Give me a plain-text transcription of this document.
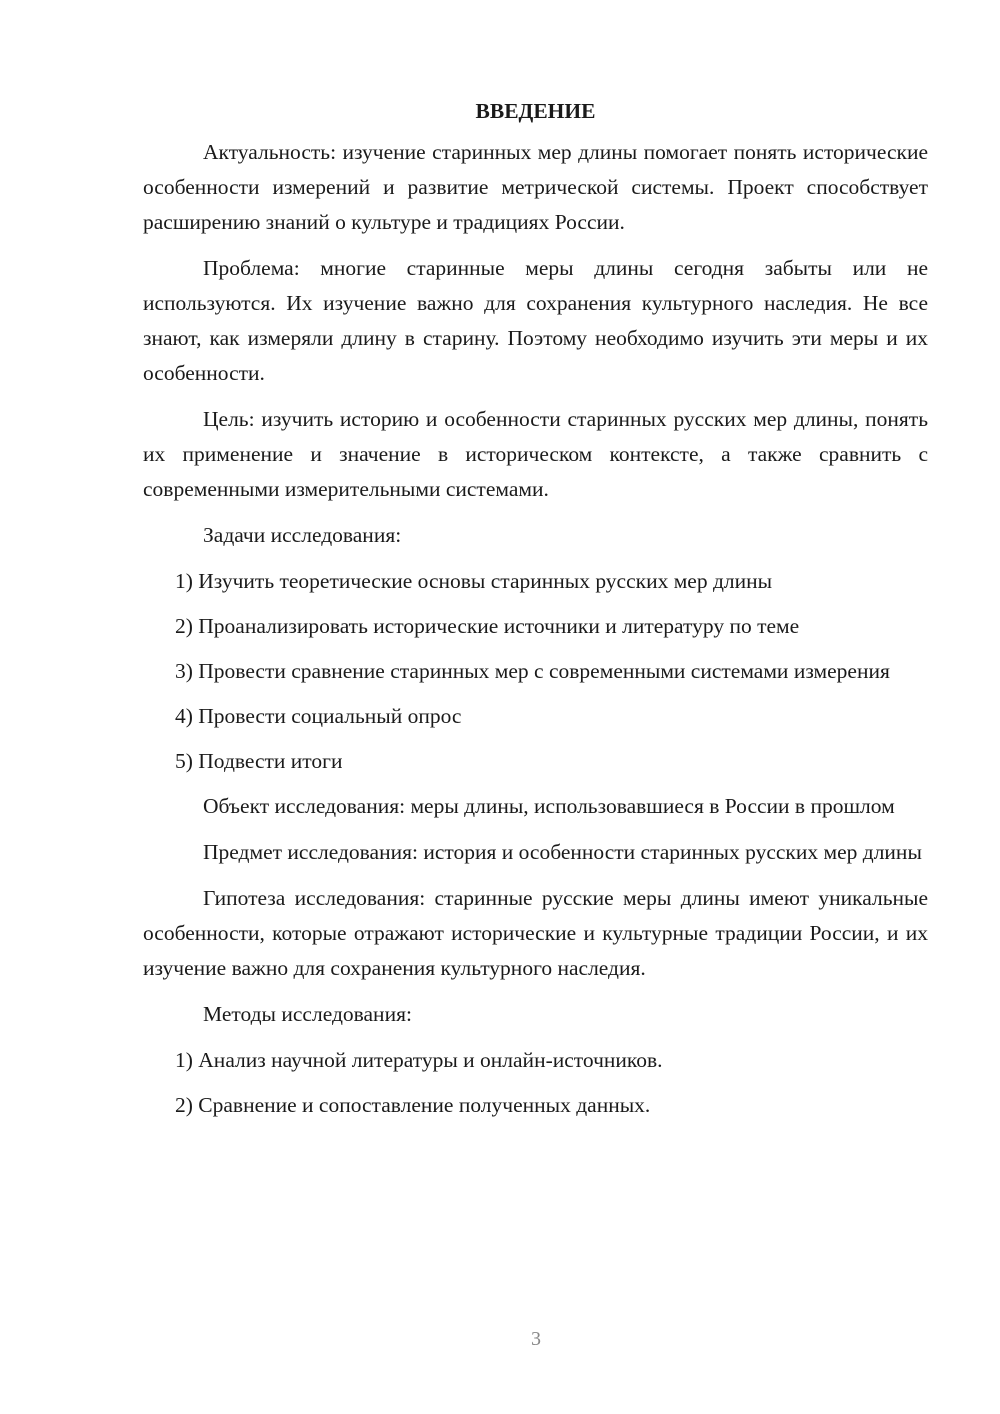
ВВЕДЕНИЕ

Актуальность: изучение старинных мер длины помогает понять исторические особенности измерений и развитие метрической системы. Проект способствует расширению знаний о культуре и традициях России.

Проблема: многие старинные меры длины сегодня забыты или не используются. Их изучение важно для сохранения культурного наследия. Не все знают, как измеряли длину в старину. Поэтому необходимо изучить эти меры и их особенности.

Цель: изучить историю и особенности старинных русских мер длины, понять их применение и значение в историческом контексте, а также сравнить с современными измерительными системами.

Задачи исследования:

1) Изучить теоретические основы старинных русских мер длины

2) Проанализировать исторические источники и литературу по теме

3) Провести сравнение старинных мер с современными системами измерения

4) Провести социальный опрос

5) Подвести итоги

Объект исследования: меры длины, использовавшиеся в России в прошлом

Предмет исследования: история и особенности старинных русских мер длины

Гипотеза исследования: старинные русские меры длины имеют уникальные особенности, которые отражают исторические и культурные традиции России, и их изучение важно для сохранения культурного наследия.

Методы исследования:

1) Анализ научной литературы и онлайн-источников.

2) Сравнение и сопоставление полученных данных.

3
